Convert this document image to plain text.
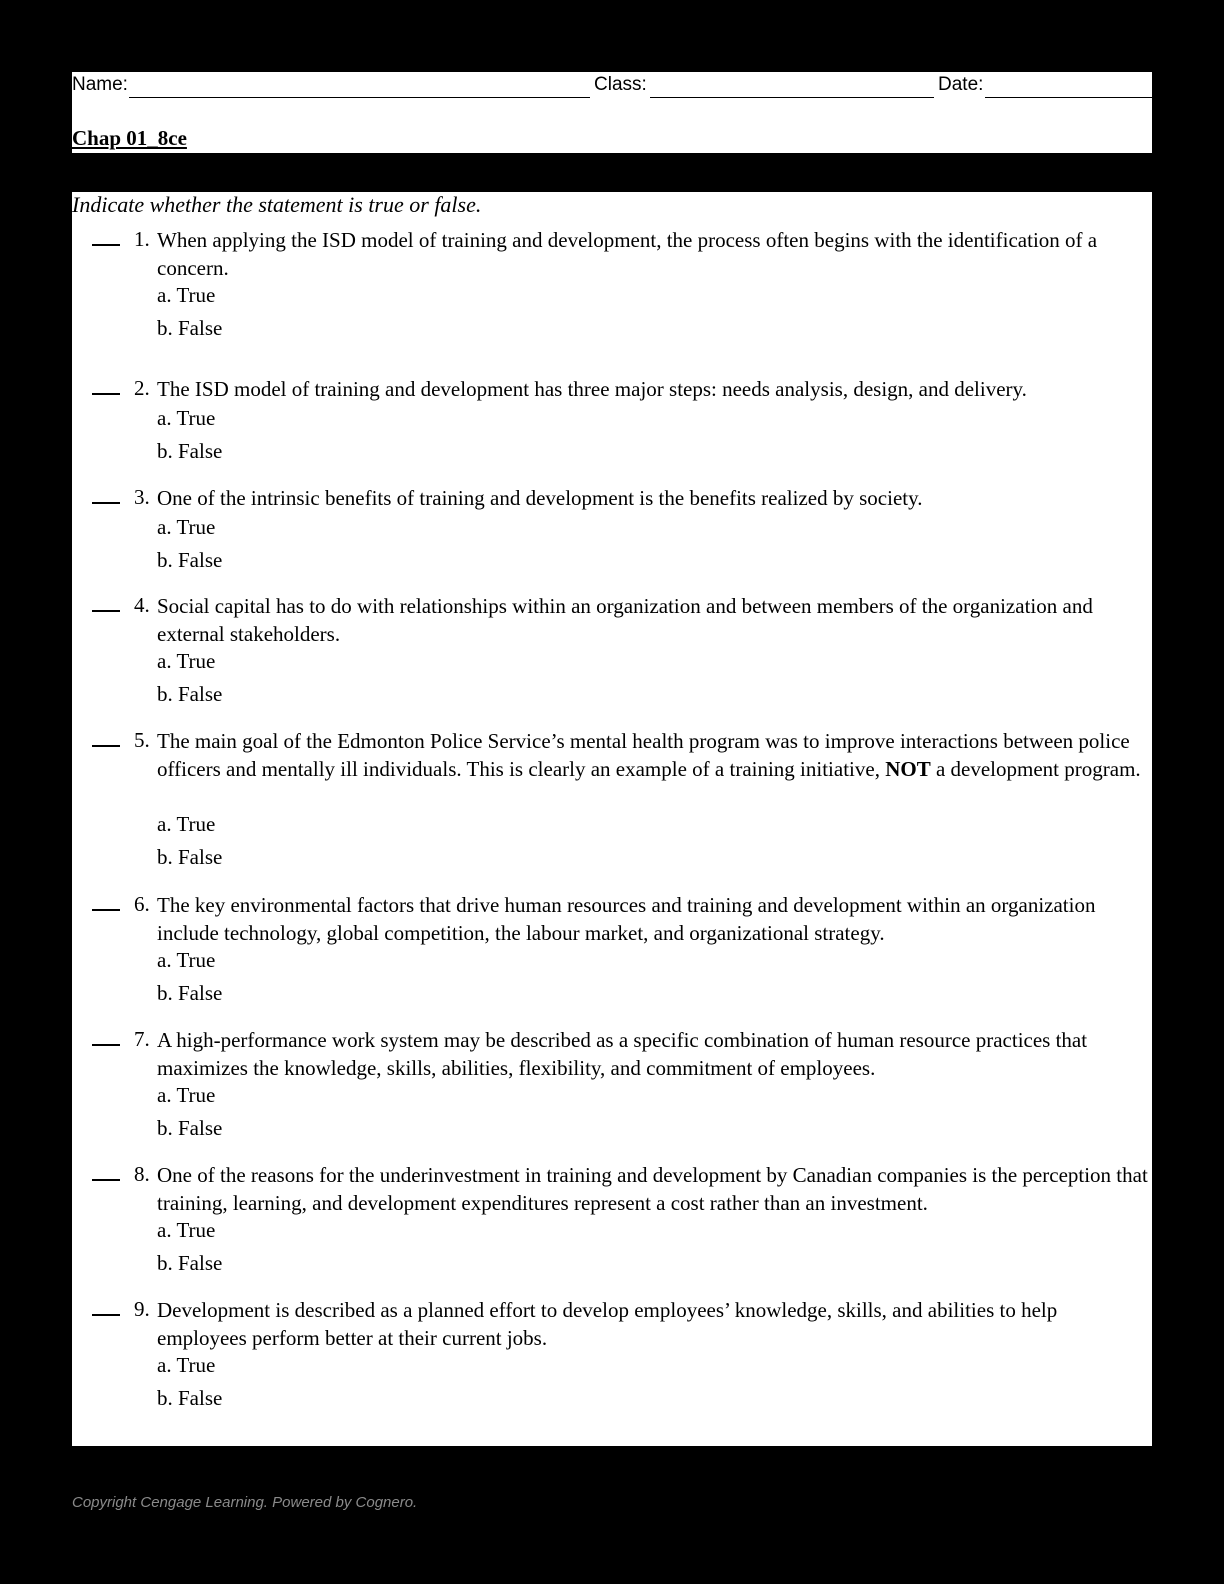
Name:	Class:	Date:
Chap 01_8ce
Indicate whether the statement is true or false.
1. When applying the ISD model of training and development, the process often begins with the identification of a concern.
a. True
b. False
2. The ISD model of training and development has three major steps: needs analysis, design, and delivery.
a. True
b. False
3. One of the intrinsic benefits of training and development is the benefits realized by society.
a. True
b. False
4. Social capital has to do with relationships within an organization and between members of the organization and external stakeholders.
a. True
b. False
5. The main goal of the Edmonton Police Service’s mental health program was to improve interactions between police officers and mentally ill individuals. This is clearly an example of a training initiative, NOT a development program.
a. True
b. False
6. The key environmental factors that drive human resources and training and development within an organization include technology, global competition, the labour market, and organizational strategy.
a. True
b. False
7. A high-performance work system may be described as a specific combination of human resource practices that maximizes the knowledge, skills, abilities, flexibility, and commitment of employees.
a. True
b. False
8. One of the reasons for the underinvestment in training and development by Canadian companies is the perception that training, learning, and development expenditures represent a cost rather than an investment.
a. True
b. False
9. Development is described as a planned effort to develop employees’ knowledge, skills, and abilities to help employees perform better at their current jobs.
a. True
b. False
Copyright Cengage Learning. Powered by Cognero.
